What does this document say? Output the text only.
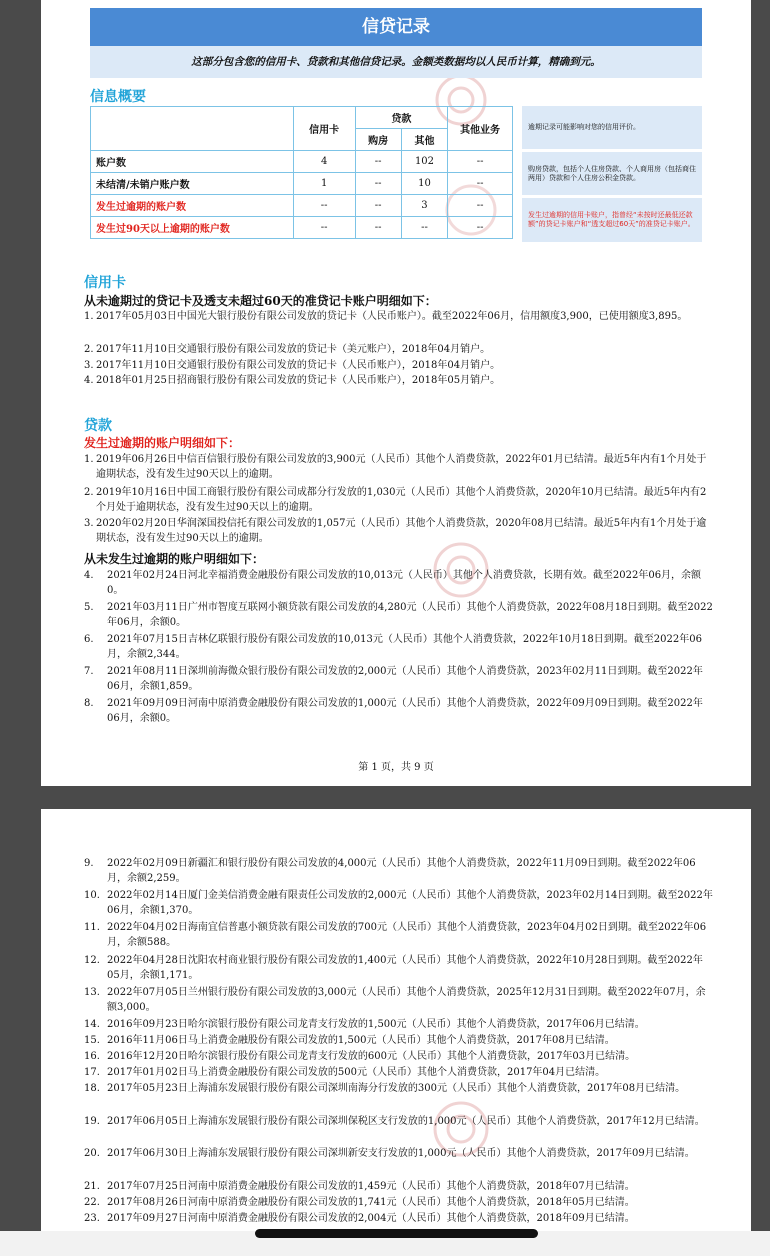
信贷记录
这部分包含您的信用卡、贷款和其他信贷记录。金额类数据均以人民币计算，精确到元。
信息概要
	信用卡	贷款		其他业务
		购房	其他	
账户数	4	--	102	--
未结清/未销户账户数	1	--	10	--
发生过逾期的账户数	--	--	3	--
发生过90天以上逾期的账户数	--	--	--	--
逾期记录可能影响对您的信用评价。
购房贷款，包括个人住房贷款、个人商用房（包括商住两用）贷款和个人住房公积金贷款。
发生过逾期的信用卡账户，指曾经“未按时还最低还款额”的贷记卡账户和“透支超过60天”的准贷记卡账户。
信用卡
从未逾期过的贷记卡及透支未超过60天的准贷记卡账户明细如下：
1. 2017年05月03日中国光大银行股份有限公司发放的贷记卡（人民币账户）。截至2022年06月，信用额度3,900，已使用额度3,895。
2. 2017年11月10日交通银行股份有限公司发放的贷记卡（美元账户），2018年04月销户。
3. 2017年11月10日交通银行股份有限公司发放的贷记卡（人民币账户），2018年04月销户。
4. 2018年01月25日招商银行股份有限公司发放的贷记卡（人民币账户），2018年05月销户。
贷款
发生过逾期的账户明细如下：
1. 2019年06月26日中信百信银行股份有限公司发放的3,900元（人民币）其他个人消费贷款，2022年01月已结清。最近5年内有1个月处于逾期状态，没有发生过90天以上的逾期。
2. 2019年10月16日中国工商银行股份有限公司成都分行发放的1,030元（人民币）其他个人消费贷款，2020年10月已结清。最近5年内有2个月处于逾期状态，没有发生过90天以上的逾期。
3. 2020年02月20日华润深国投信托有限公司发放的1,057元（人民币）其他个人消费贷款，2020年08月已结清。最近5年内有1个月处于逾期状态，没有发生过90天以上的逾期。
从未发生过逾期的账户明细如下：
4.	2021年02月24日河北幸福消费金融股份有限公司发放的10,013元（人民币）其他个人消费贷款，长期有效。截至2022年06月，余额0。
5.	2021年03月11日广州市智度互联网小额贷款有限公司发放的4,280元（人民币）其他个人消费贷款，2022年08月18日到期。截至2022年06月，余额0。
6.	2021年07月15日吉林亿联银行股份有限公司发放的10,013元（人民币）其他个人消费贷款，2022年10月18日到期。截至2022年06月，余额2,344。
7.	2021年08月11日深圳前海微众银行股份有限公司发放的2,000元（人民币）其他个人消费贷款，2023年02月11日到期。截至2022年06月，余额1,859。
8.	2021年09月09日河南中原消费金融股份有限公司发放的1,000元（人民币）其他个人消费贷款，2022年09月09日到期。截至2022年06月，余额0。
第 1 页，共 9 页
9.	2022年02月09日新疆汇和银行股份有限公司发放的4,000元（人民币）其他个人消费贷款，2022年11月09日到期。截至2022年06月，余额2,259。
10. 2022年02月14日厦门金美信消费金融有限责任公司发放的2,000元（人民币）其他个人消费贷款，2023年02月14日到期。截至2022年06月，余额1,370。
11. 2022年04月02日海南宜信普惠小额贷款有限公司发放的700元（人民币）其他个人消费贷款，2023年04月02日到期。截至2022年06月，余额588。
12. 2022年04月28日沈阳农村商业银行股份有限公司发放的1,400元（人民币）其他个人消费贷款，2022年10月28日到期。截至2022年05月，余额1,171。
13. 2022年07月05日兰州银行股份有限公司发放的3,000元（人民币）其他个人消费贷款，2025年12月31日到期。截至2022年07月，余额3,000。
14. 2016年09月23日哈尔滨银行股份有限公司龙青支行发放的1,500元（人民币）其他个人消费贷款，2017年06月已结清。
15. 2016年11月06日马上消费金融股份有限公司发放的1,500元（人民币）其他个人消费贷款，2017年08月已结清。
16. 2016年12月20日哈尔滨银行股份有限公司龙青支行发放的600元（人民币）其他个人消费贷款，2017年03月已结清。
17. 2017年01月02日马上消费金融股份有限公司发放的500元（人民币）其他个人消费贷款，2017年04月已结清。
18. 2017年05月23日上海浦东发展银行股份有限公司深圳南海分行发放的300元（人民币）其他个人消费贷款，2017年08月已结清。
19. 2017年06月05日上海浦东发展银行股份有限公司深圳保税区支行发放的1,000元（人民币）其他个人消费贷款，2017年12月已结清。
20. 2017年06月30日上海浦东发展银行股份有限公司深圳新安支行发放的1,000元（人民币）其他个人消费贷款，2017年09月已结清。
21. 2017年07月25日河南中原消费金融股份有限公司发放的1,459元（人民币）其他个人消费贷款，2018年07月已结清。
22. 2017年08月26日河南中原消费金融股份有限公司发放的1,741元（人民币）其他个人消费贷款，2018年05月已结清。
23. 2017年09月27日河南中原消费金融股份有限公司发放的2,004元（人民币）其他个人消费贷款，2018年09月已结清。
